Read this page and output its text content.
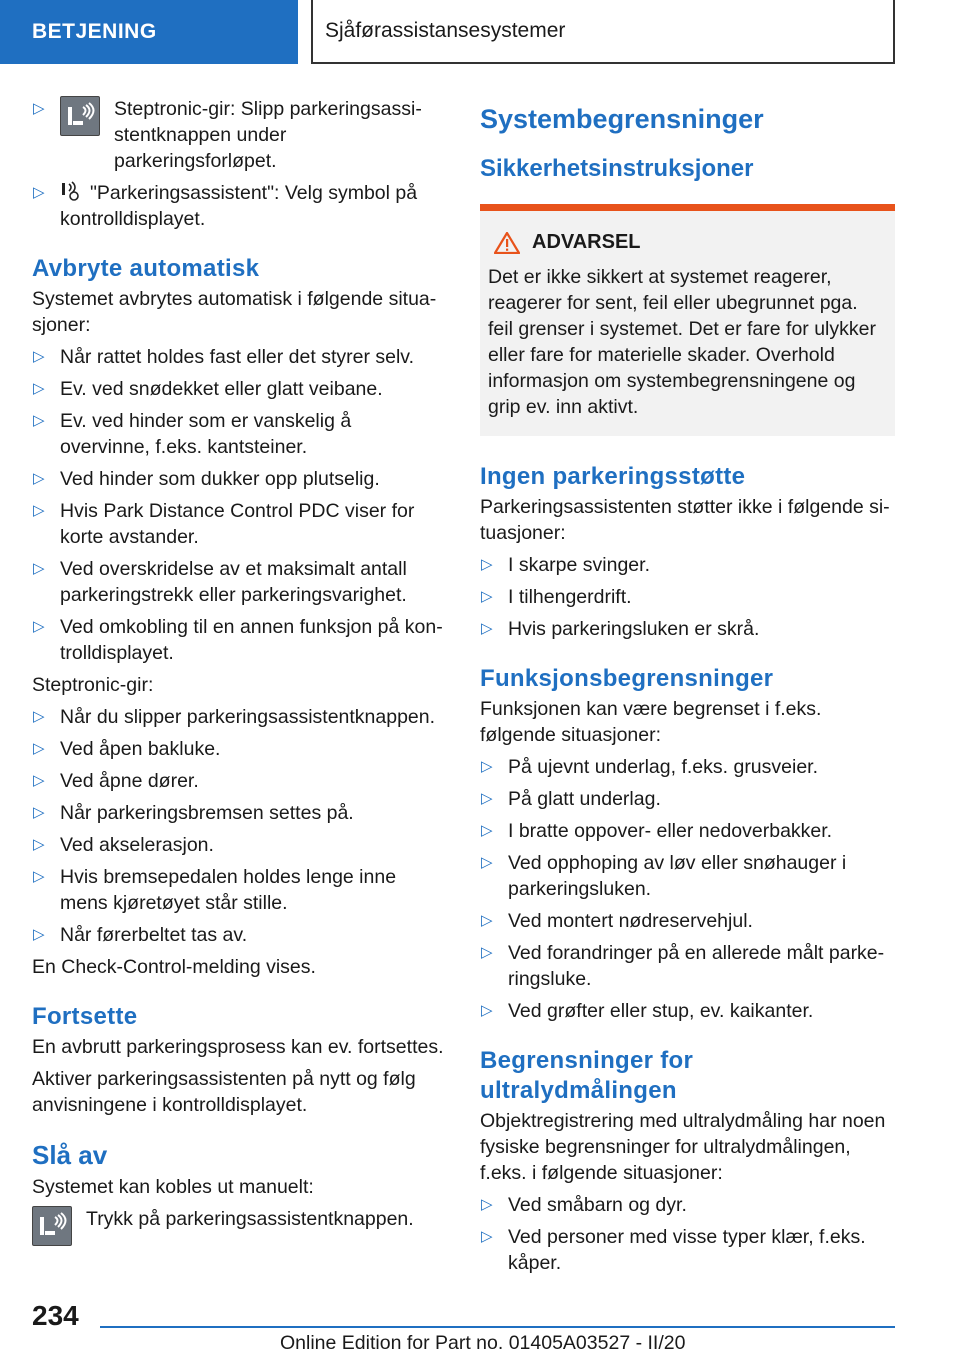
BETJENING	Sjåførassistansesystemer
▷	Steptronic-gir: Slipp parkeringsassistentknappen under parkeringsforløpet.
▷ "Parkeringsassistent": Velg symbol på kontrolldisplayet.
Avbryte automatisk

Systemet avbrytes automatisk i følgende situasjoner:

▷ Når rattet holdes fast eller det styrer selv.
▷ Ev. ved snødekket eller glatt veibane.
▷ Ev. ved hinder som er vanskelig å overvinne, f.eks. kantsteiner.
▷ Ved hinder som dukker opp plutselig.
▷ Hvis Park Distance Control PDC viser for korte avstander.
▷ Ved overskridelse av et maksimalt antall parkeringstrekk eller parkeringsvarighet.
▷ Ved omkobling til en annen funksjon på kontrolldisplayet.

Steptronic-gir:

▷ Når du slipper parkeringsassistentknappen.
▷ Ved åpen bakluke.
▷ Ved åpne dører.
▷ Når parkeringsbremsen settes på.
▷ Ved akselerasjon.
▷ Hvis bremsepedalen holdes lenge inne mens kjøretøyet står stille.
▷ Når førerbeltet tas av.

En Check-Control-melding vises.

Fortsette

En avbrutt parkeringsprosess kan ev. fortsettes.

Aktiver parkeringsassistenten på nytt og følg anvisningene i kontrolldisplayet.

Slå av

Systemet kan kobles ut manuelt:

Trykk på parkeringsassistentknappen.

Systembegrensninger
Sikkerhetsinstruksjoner
ADVARSEL

Det er ikke sikkert at systemet reagerer, reagerer for sent, feil eller ubegrunnet pga. feil grenser i systemet. Det er fare for ulykker eller fare for materielle skader. Overhold informasjon om systembegrensningene og grip ev. inn aktivt.

Ingen parkeringsstøtte

Parkeringsassistenten støtter ikke i følgende situasjoner:

▷ I skarpe svinger.
▷ I tilhengerdrift.
▷ Hvis parkeringsluken er skrå.
Funksjonsbegrensninger

Funksjonen kan være begrenset i f.eks. følgende situasjoner:

▷ På ujevnt underlag, f.eks. grusveier.
▷ På glatt underlag.
▷ I bratte oppover- eller nedoverbakker.
▷ Ved opphoping av løv eller snøhauger i parkeringsluken.
▷ Ved montert nødreservehjul.
▷ Ved forandringer på en allerede målt parkeringsluke.
▷ Ved grøfter eller stup, ev. kaikanter.
Begrensninger for ultralydmålingen

Objektregistrering med ultralydmåling har noen fysiske begrensninger for ultralydmålingen, f.eks. i følgende situasjoner:

▷ Ved småbarn og dyr.
▷ Ved personer med visse typer klær, f.eks. kåper.
234
Online Edition for Part no. 01405A03527 - II/20
